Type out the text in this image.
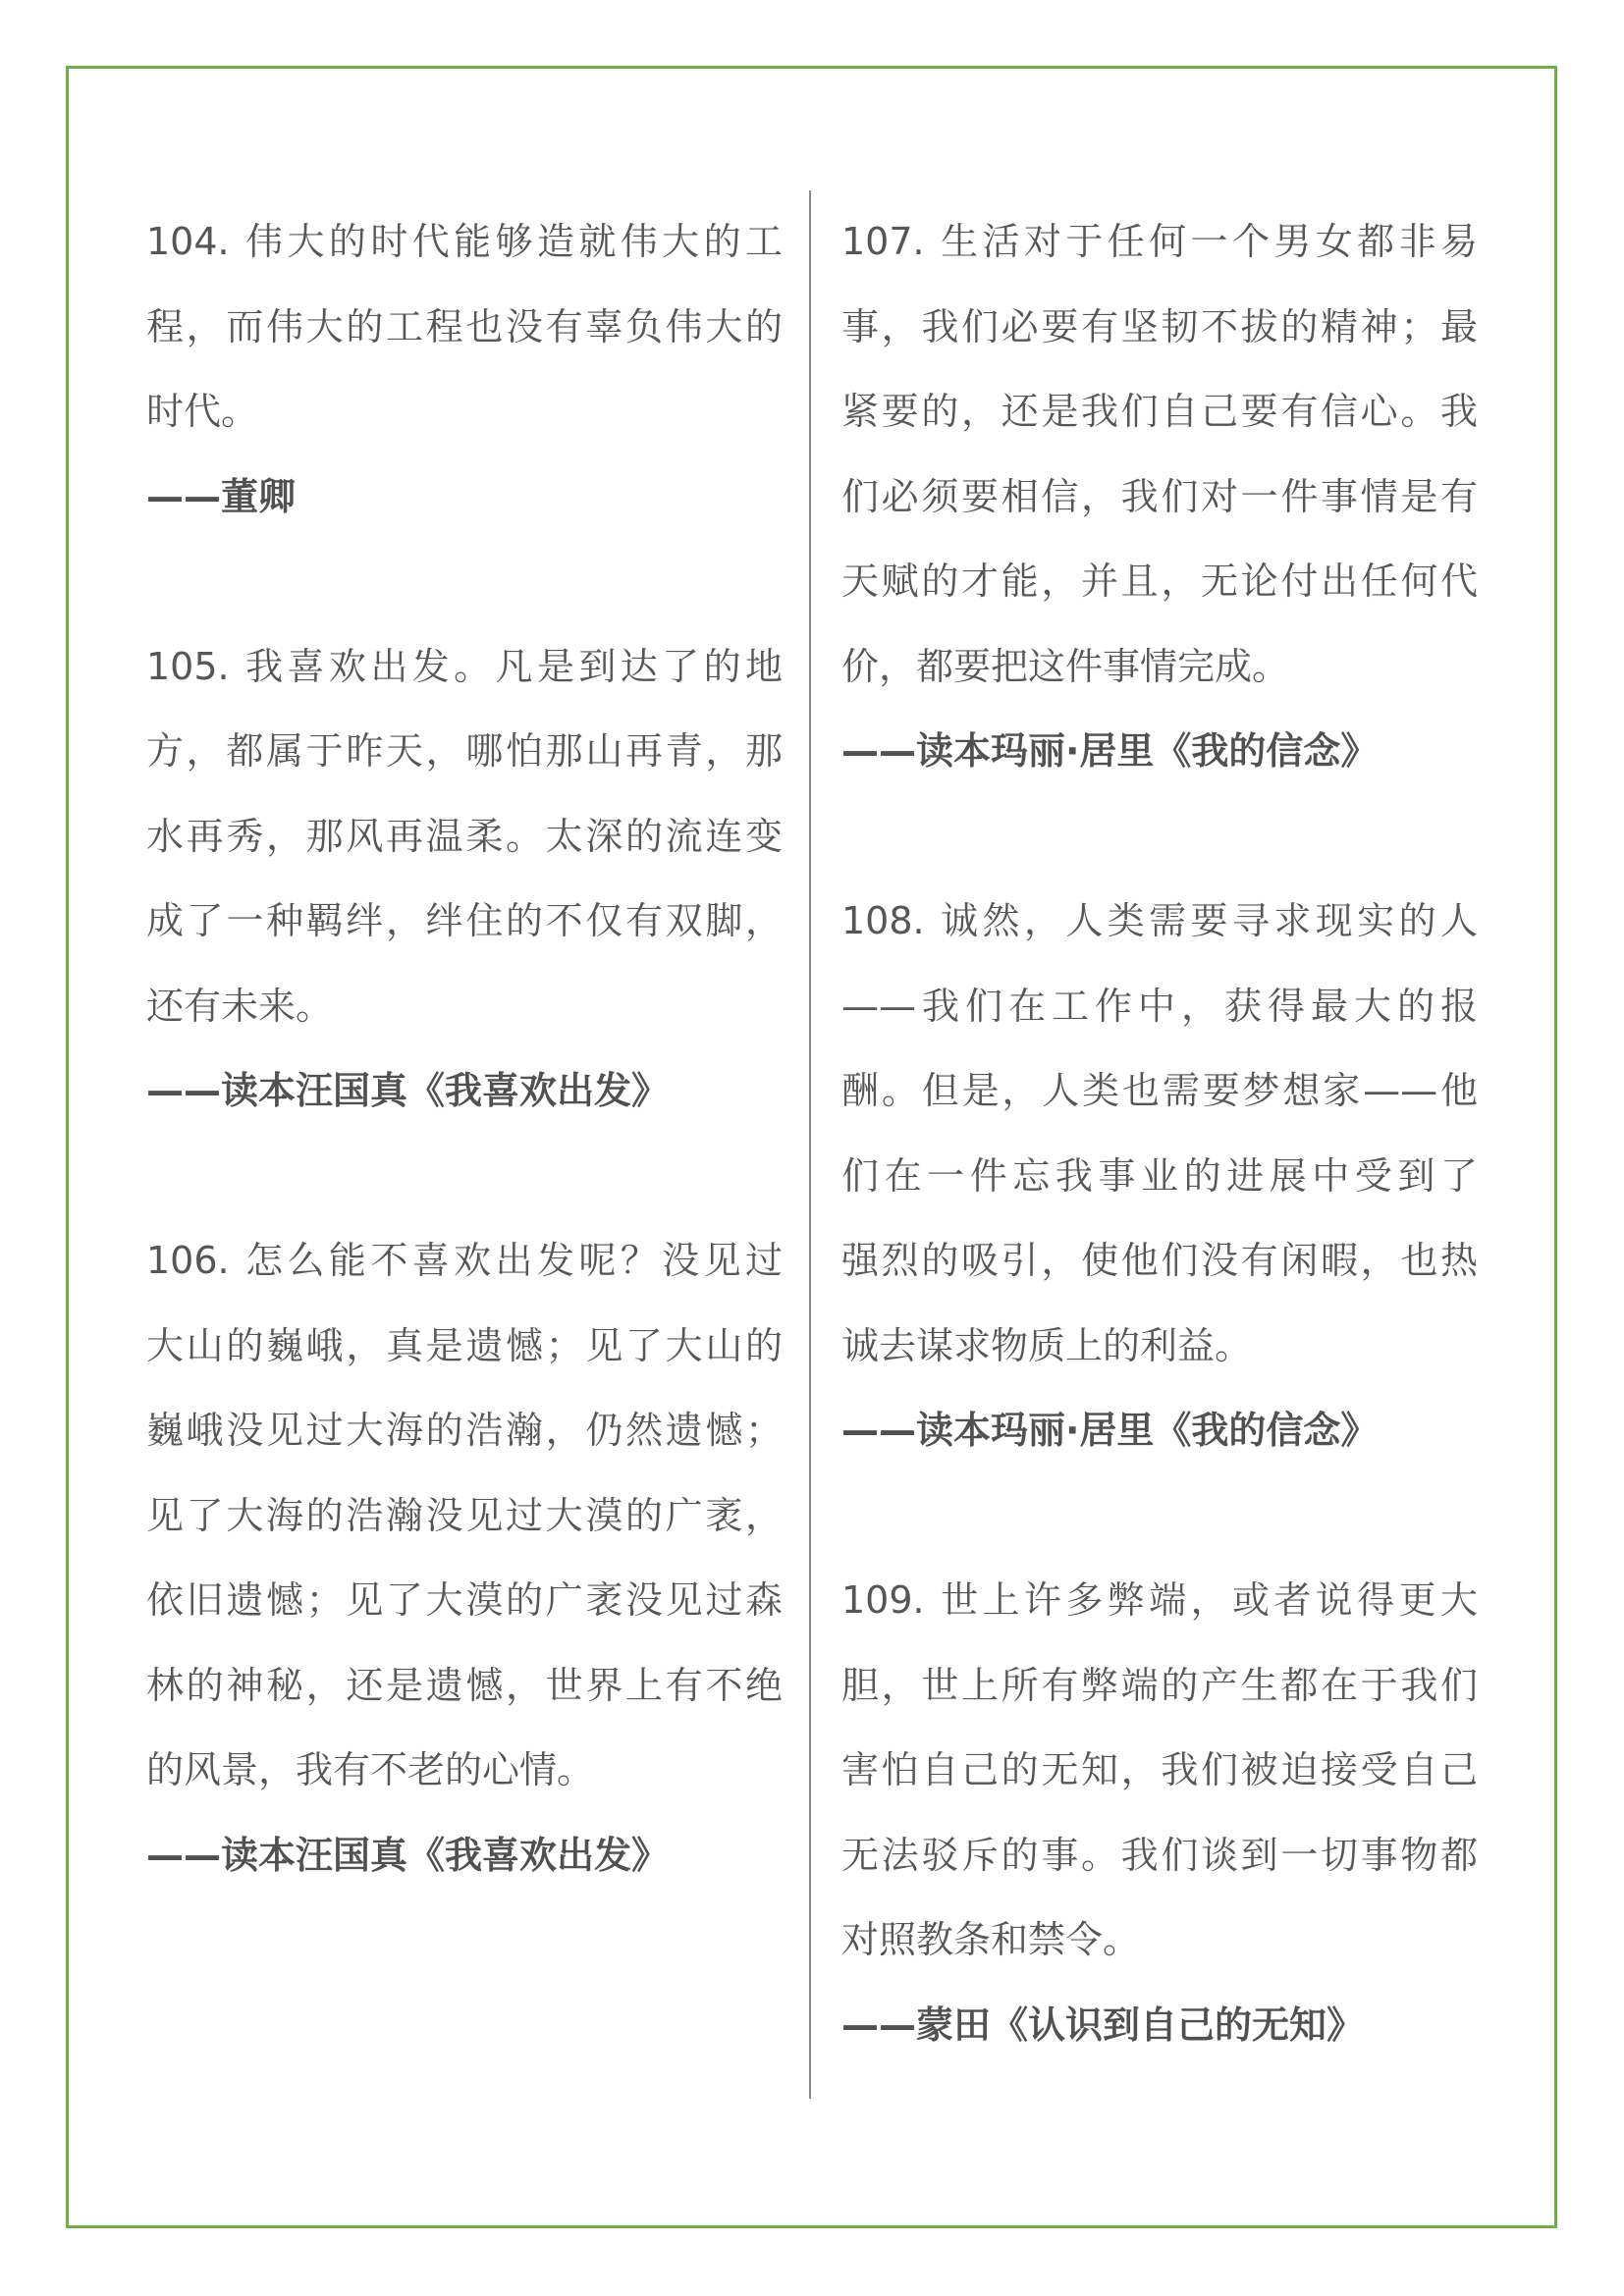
104. 伟大的时代能够造就伟大的工
程，而伟大的工程也没有辜负伟大的
时代。
——董卿
105. 我喜欢出发。凡是到达了的地
方，都属于昨天，哪怕那山再青，那
水再秀，那风再温柔。太深的流连变
成了一种羁绊，绊住的不仅有双脚，
还有未来。
——读本汪国真《我喜欢出发》
106. 怎么能不喜欢出发呢？没见过
大山的巍峨，真是遗憾；见了大山的
巍峨没见过大海的浩瀚，仍然遗憾；
见了大海的浩瀚没见过大漠的广袤，
依旧遗憾；见了大漠的广袤没见过森
林的神秘，还是遗憾，世界上有不绝
的风景，我有不老的心情。
——读本汪国真《我喜欢出发》
107. 生活对于任何一个男女都非易
事，我们必要有坚韧不拔的精神；最
紧要的，还是我们自己要有信心。我
们必须要相信，我们对一件事情是有
天赋的才能，并且，无论付出任何代
价，都要把这件事情完成。
——读本玛丽·居里《我的信念》
108. 诚然，人类需要寻求现实的人
——我们在工作中，获得最大的报
酬。但是，人类也需要梦想家——他
们在一件忘我事业的进展中受到了
强烈的吸引，使他们没有闲暇，也热
诚去谋求物质上的利益。
——读本玛丽·居里《我的信念》
109. 世上许多弊端，或者说得更大
胆，世上所有弊端的产生都在于我们
害怕自己的无知，我们被迫接受自己
无法驳斥的事。我们谈到一切事物都
对照教条和禁令。
——蒙田《认识到自己的无知》
